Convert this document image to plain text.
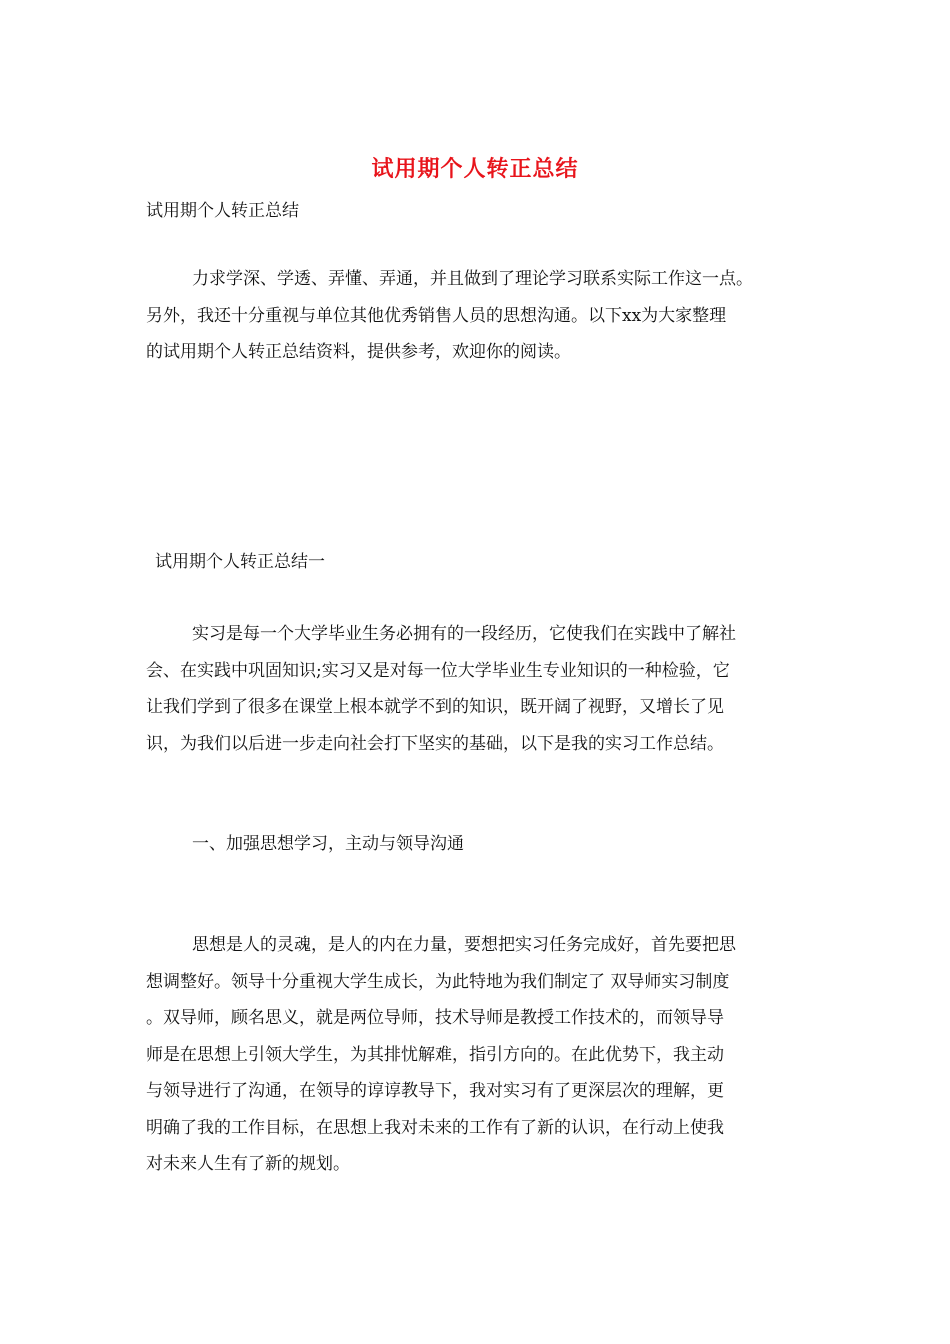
试用期个人转正总结
试用期个人转正总结
力求学深、学透、弄懂、弄通，并且做到了理论学习联系实际工作这一点。
另外，我还十分重视与单位其他优秀销售人员的思想沟通。以下xx为大家整理
的试用期个人转正总结资料，提供参考，欢迎你的阅读。
试用期个人转正总结一
实习是每一个大学毕业生务必拥有的一段经历，它使我们在实践中了解社
会、在实践中巩固知识;实习又是对每一位大学毕业生专业知识的一种检验，它
让我们学到了很多在课堂上根本就学不到的知识，既开阔了视野，又增长了见
识，为我们以后进一步走向社会打下坚实的基础，以下是我的实习工作总结。
一、加强思想学习，主动与领导沟通
思想是人的灵魂，是人的内在力量，要想把实习任务完成好，首先要把思
想调整好。领导十分重视大学生成长，为此特地为我们制定了 双导师实习制度
。双导师，顾名思义，就是两位导师，技术导师是教授工作技术的，而领导导
师是在思想上引领大学生，为其排忧解难，指引方向的。在此优势下，我主动
与领导进行了沟通，在领导的谆谆教导下，我对实习有了更深层次的理解，更
明确了我的工作目标，在思想上我对未来的工作有了新的认识，在行动上使我
对未来人生有了新的规划。
